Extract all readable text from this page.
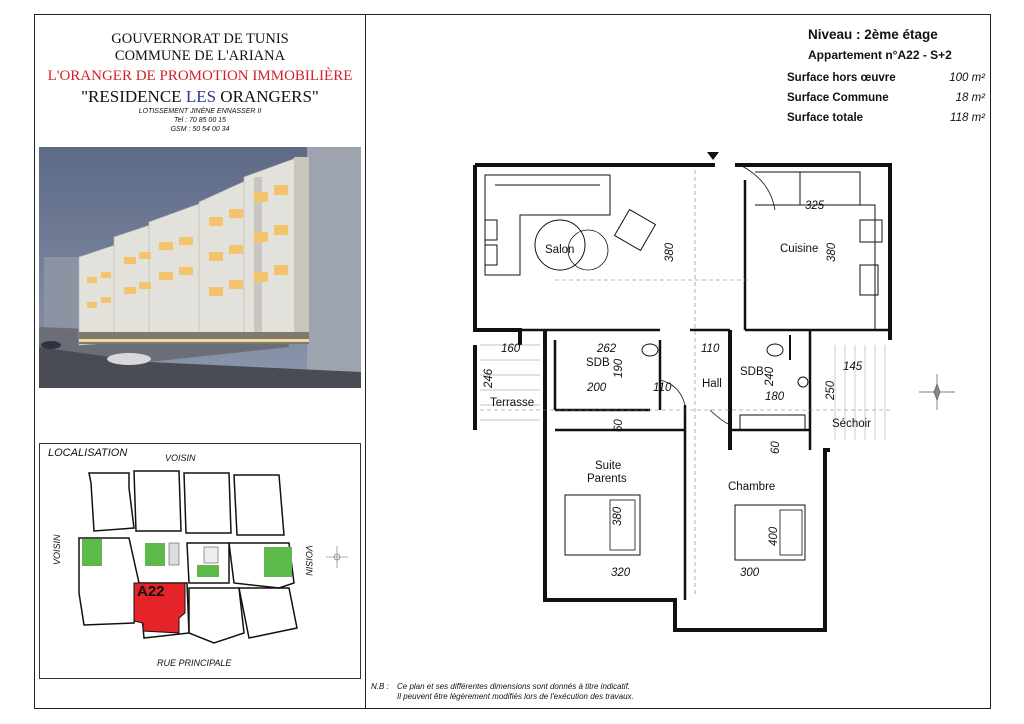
GOUVERNORAT DE TUNIS
COMMUNE DE L'ARIANA
L'ORANGER DE PROMOTION IMMOBILIÈRE
"RESIDENCE LES ORANGERS"
LOTISSEMENT JINÈNE ENNASSER II
Tel : 70 85 00 15
GSM : 50 54 00 34
LOCALISATION	VOISIN
VOISIN	VOISIN
RUE PRINCIPALE
A22
Niveau : 2ème étage
Appartement n°A22 - S+2
Surface hors œuvre	100 m²
Surface Commune	18 m²
Surface totale	118 m²
Salon	Cuisine
SDB
SDB
Hall
Terrasse
Séchoir
Suite
Parents
Chambre
380
325
380
160	262	110
246	200
190
110
240
180	250
145
60
60
380
400
320	300
N.B :	Ce plan et ses différentes dimensions sont donnés à titre indicatif.
Il peuvent être légèrement modifiés lors de l'exécution des travaux.
